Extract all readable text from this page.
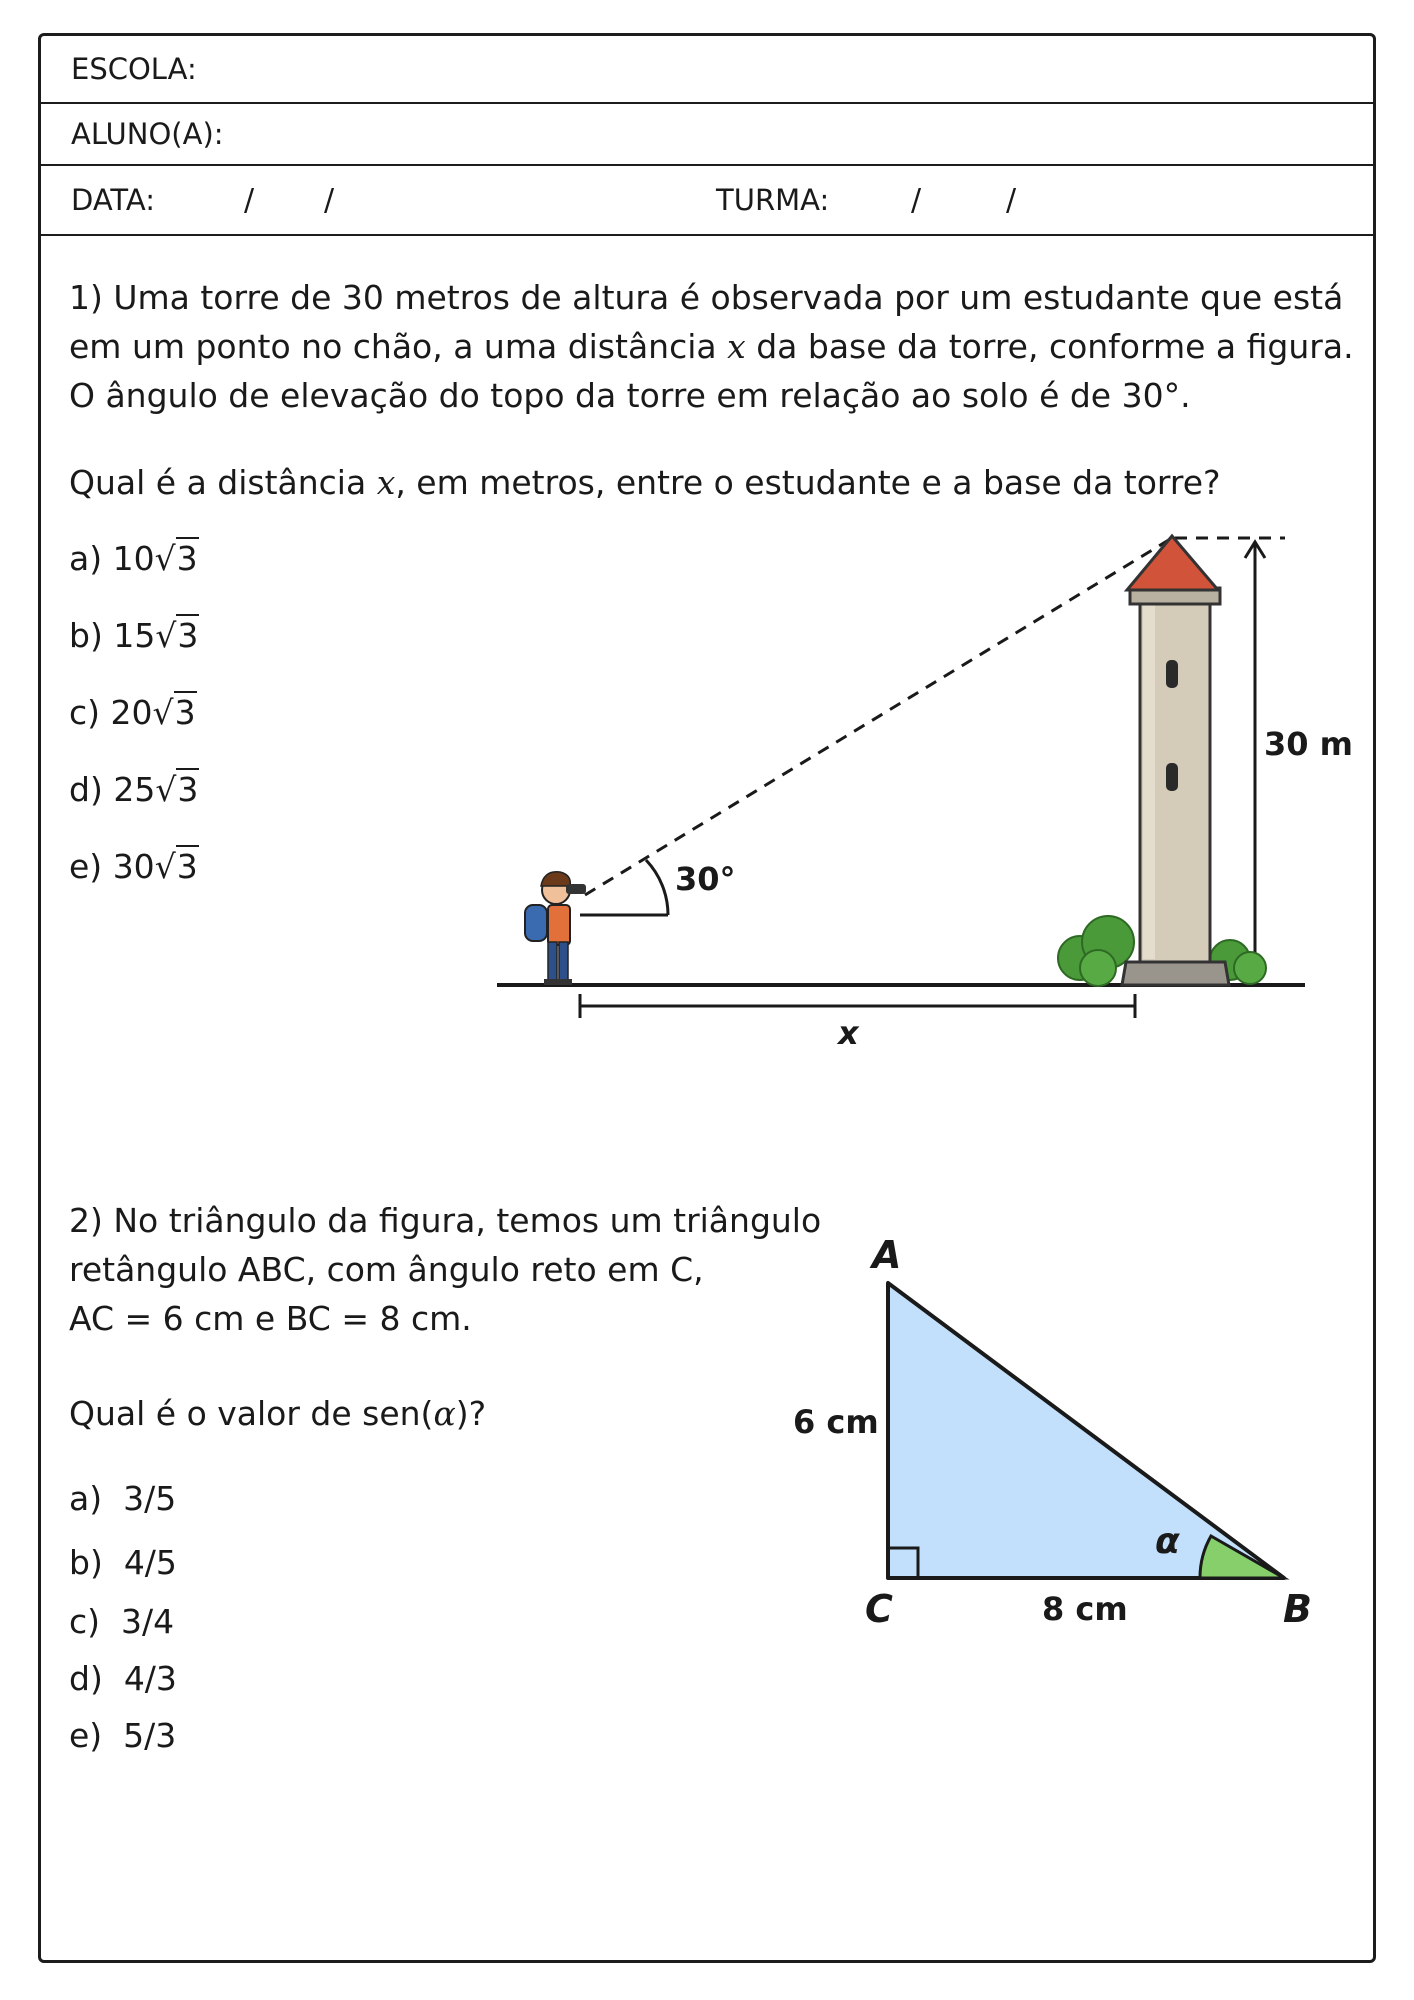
ESCOLA:
ALUNO(A):
DATA:	/ /	TURMA:	/	/
1) Uma torre de 30 metros de altura é observada por um estudante que está
em um ponto no chão, a uma distância x da base da torre, conforme a figura.
O ângulo de elevação do topo da torre em relação ao solo é de 30°.
Qual é a distância x, em metros, entre o estudante e a base da torre?
a) 10√3
b) 15√3
c) 20√3
d) 25√3
e) 30√3
2) No triângulo da figura, temos um triângulo
retângulo ABC, com ângulo reto em C,
AC = 6 cm e BC = 8 cm.
Qual é o valor de sen(α)?
a) 3/5
b) 4/5
c) 3/4
d) 4/3
e) 5/3
30°
x
30 m
A
B
C
6 cm
8 cm
α
